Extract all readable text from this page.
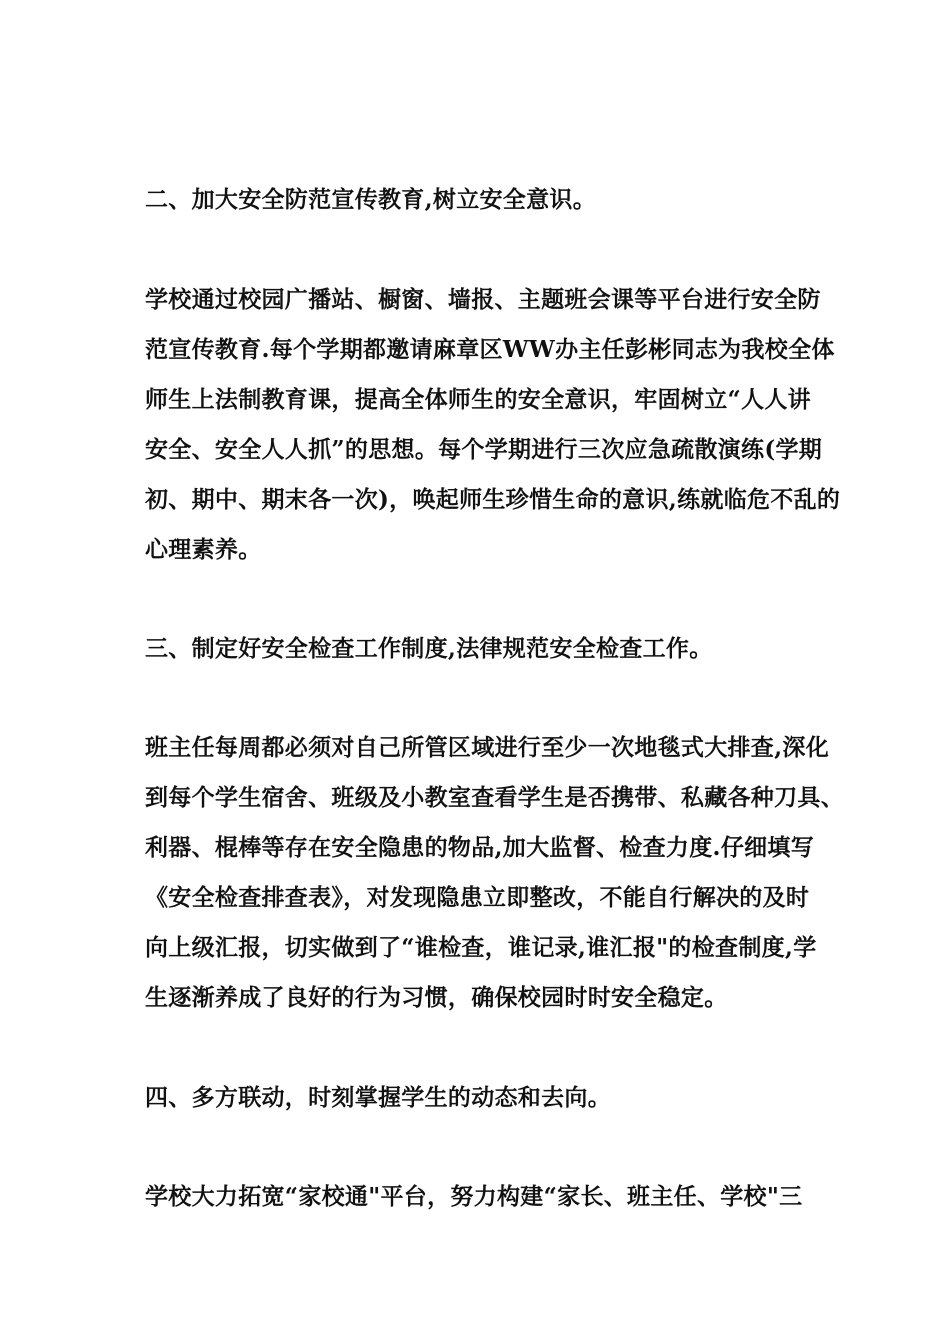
二、加大安全防范宣传教育,树立安全意识。

学校通过校园广播站、橱窗、墙报、主题班会课等平台进行安全防
范宣传教育.每个学期都邀请麻章区WW办主任彭彬同志为我校全体
师生上法制教育课，提高全体师生的安全意识，牢固树立“人人讲
安全、安全人人抓”的思想。每个学期进行三次应急疏散演练(学期
初、期中、期末各一次)，唤起师生珍惜生命的意识,练就临危不乱的
心理素养。

三、制定好安全检查工作制度,法律规范安全检查工作。

班主任每周都必须对自己所管区域进行至少一次地毯式大排查,深化
到每个学生宿舍、班级及小教室查看学生是否携带、私藏各种刀具、
利器、棍棒等存在安全隐患的物品,加大监督、检查力度.仔细填写
《安全检查排查表》，对发现隐患立即整改，不能自行解决的及时
向上级汇报，切实做到了“谁检查，谁记录,谁汇报"的检查制度,学
生逐渐养成了良好的行为习惯，确保校园时时安全稳定。

四、多方联动，时刻掌握学生的动态和去向。

学校大力拓宽“家校通"平台，努力构建“家长、班主任、学校"三
